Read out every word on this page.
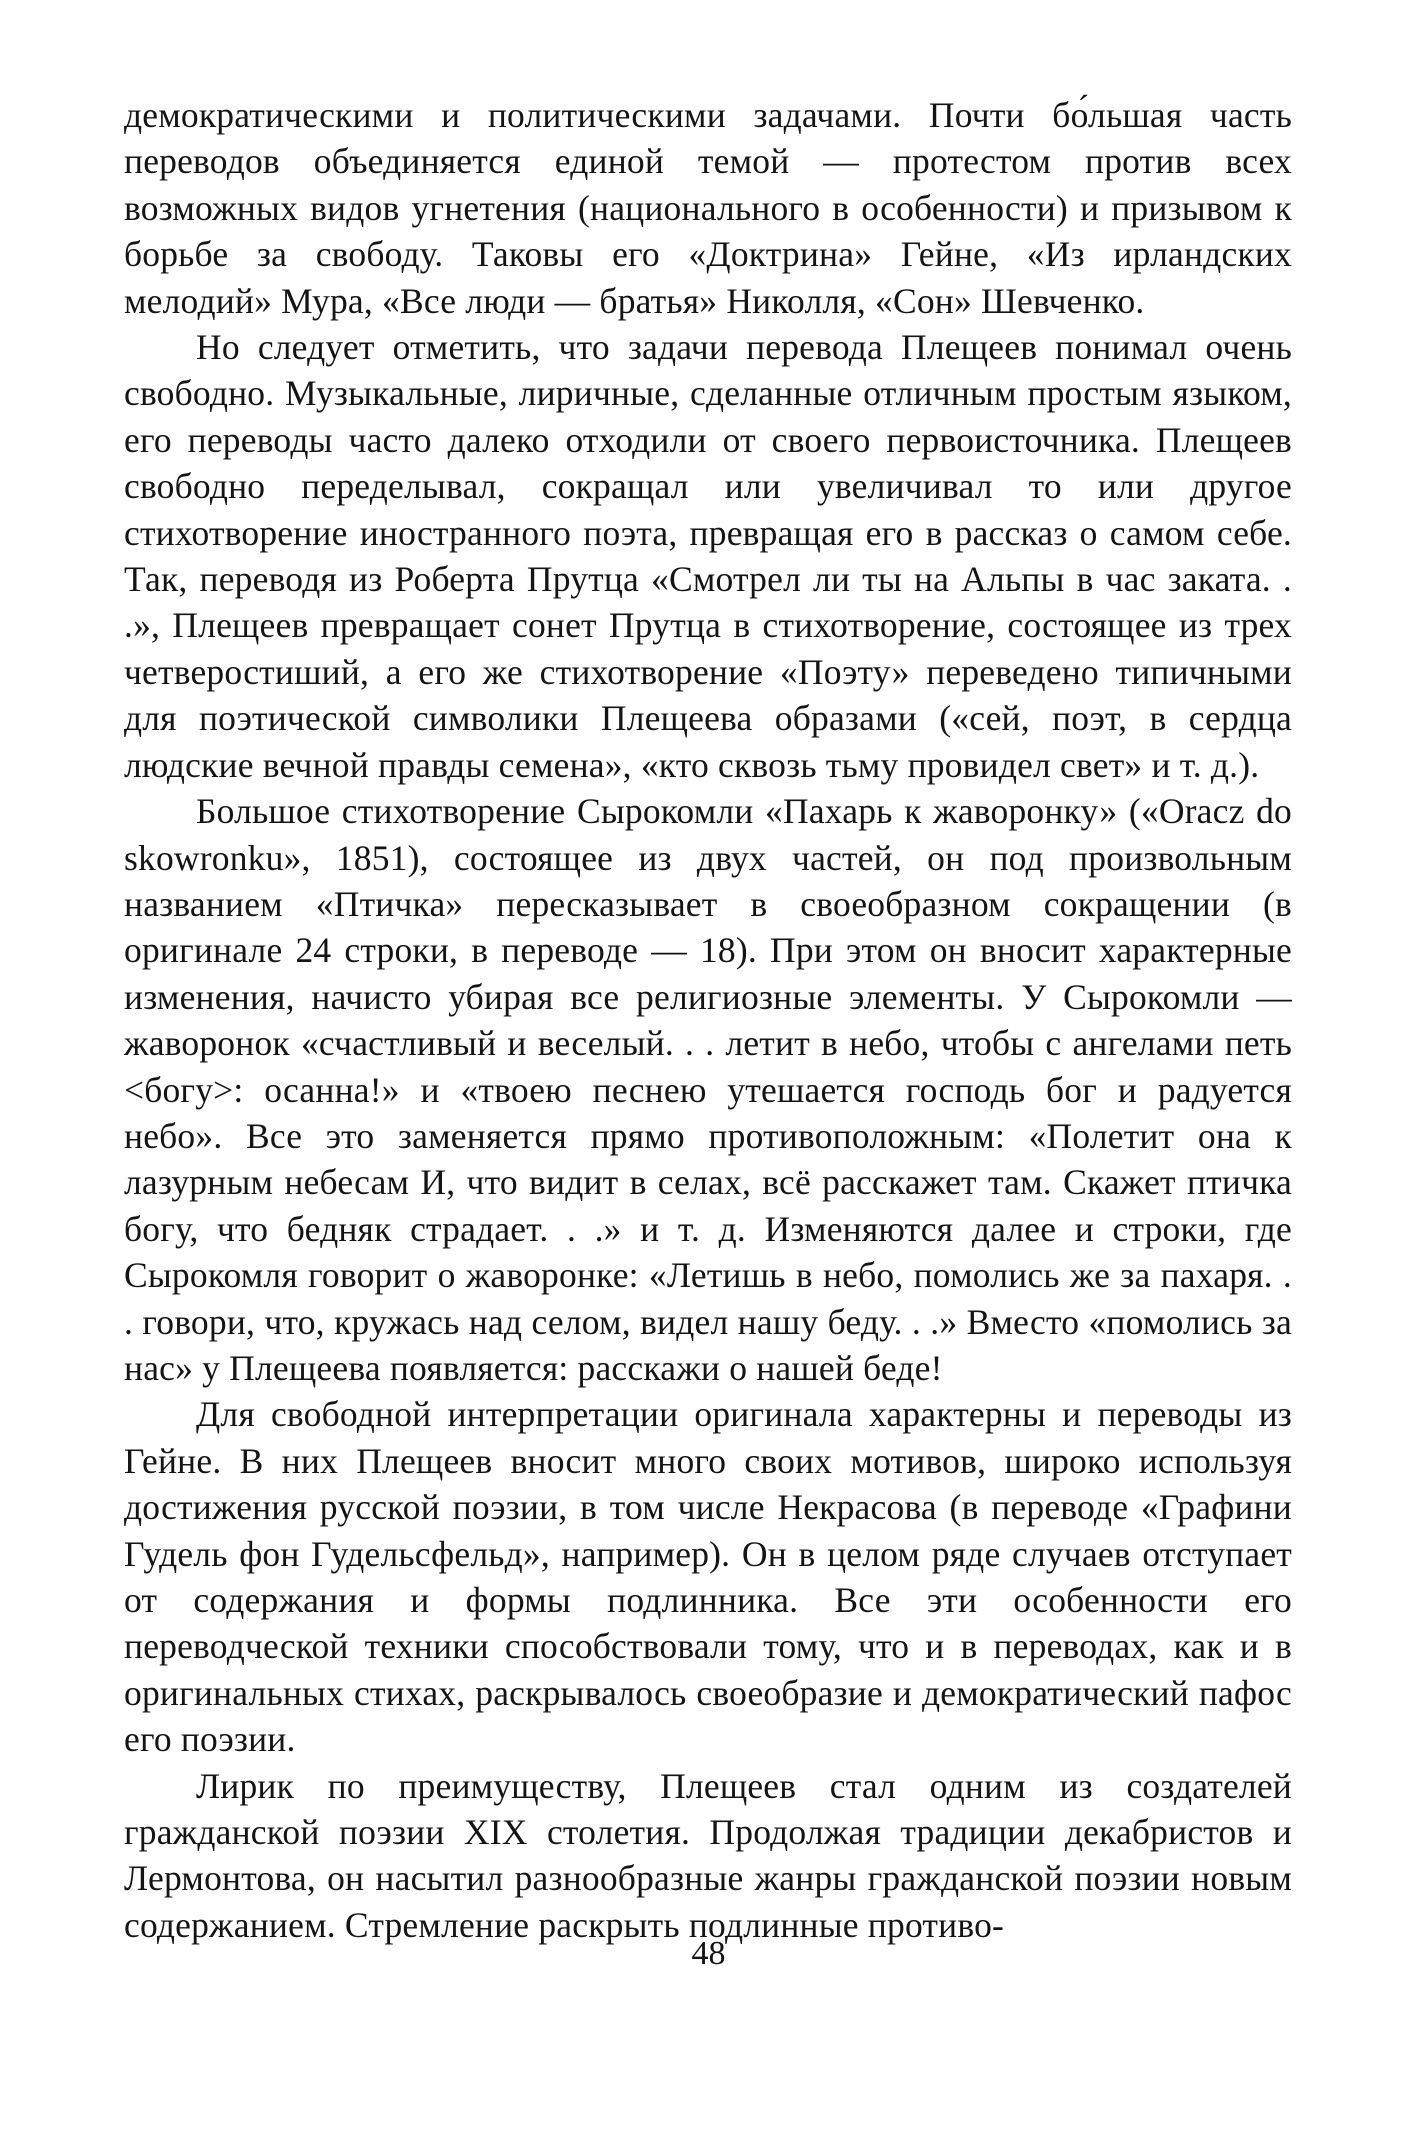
демократическими и политическими задачами. Почти бо́льшая часть переводов объединяется единой темой — протестом против всех возможных видов угнетения (национального в особенности) и призывом к борьбе за свободу. Таковы его «Доктрина» Гейне, «Из ирландских мелодий» Мура, «Все люди — братья» Николля, «Сон» Шевченко.

Но следует отметить, что задачи перевода Плещеев понимал очень свободно. Музыкальные, лиричные, сделанные отличным простым языком, его переводы часто далеко отходили от своего первоисточника. Плещеев свободно переделывал, сокращал или увеличивал то или другое стихотворение иностранного поэта, превращая его в рассказ о самом себе. Так, переводя из Роберта Прутца «Смотрел ли ты на Альпы в час заката. . .», Плещеев превращает сонет Прутца в стихотворение, состоящее из трех четверостиший, а его же стихотворение «Поэту» переведено типичными для поэтической символики Плещеева образами («сей, поэт, в сердца людские вечной правды семена», «кто сквозь тьму провидел свет» и т. д.).

Большое стихотворение Сырокомли «Пахарь к жаворонку» («Oracz do skowronku», 1851), состоящее из двух частей, он под произвольным названием «Птичка» пересказывает в своеобразном сокращении (в оригинале 24 строки, в переводе — 18). При этом он вносит характерные изменения, начисто убирая все религиозные элементы. У Сырокомли — жаворонок «счастливый и веселый. . . летит в небо, чтобы с ангелами петь <богу>: осанна!» и «твоею песнею утешается господь бог и радуется небо». Все это заменяется прямо противоположным: «Полетит она к лазурным небесам И, что видит в селах, всё расскажет там. Скажет птичка богу, что бедняк страдает. . .» и т. д. Изменяются далее и строки, где Сырокомля говорит о жаворонке: «Летишь в небо, помолись же за пахаря. . . говори, что, кружась над селом, видел нашу беду. . .» Вместо «помолись за нас» у Плещеева появляется: расскажи о нашей беде!

Для свободной интерпретации оригинала характерны и переводы из Гейне. В них Плещеев вносит много своих мотивов, широко используя достижения русской поэзии, в том числе Некрасова (в переводе «Графини Гудель фон Гудельсфельд», например). Он в целом ряде случаев отступает от содержания и формы подлинника. Все эти особенности его переводческой техники способствовали тому, что и в переводах, как и в оригинальных стихах, раскрывалось своеобразие и демократический пафос его поэзии.

Лирик по преимуществу, Плещеев стал одним из создателей гражданской поэзии XIX столетия. Продолжая традиции декабристов и Лермонтова, он насытил разнообразные жанры гражданской поэзии новым содержанием. Стремление раскрыть подлинные противо-

48
